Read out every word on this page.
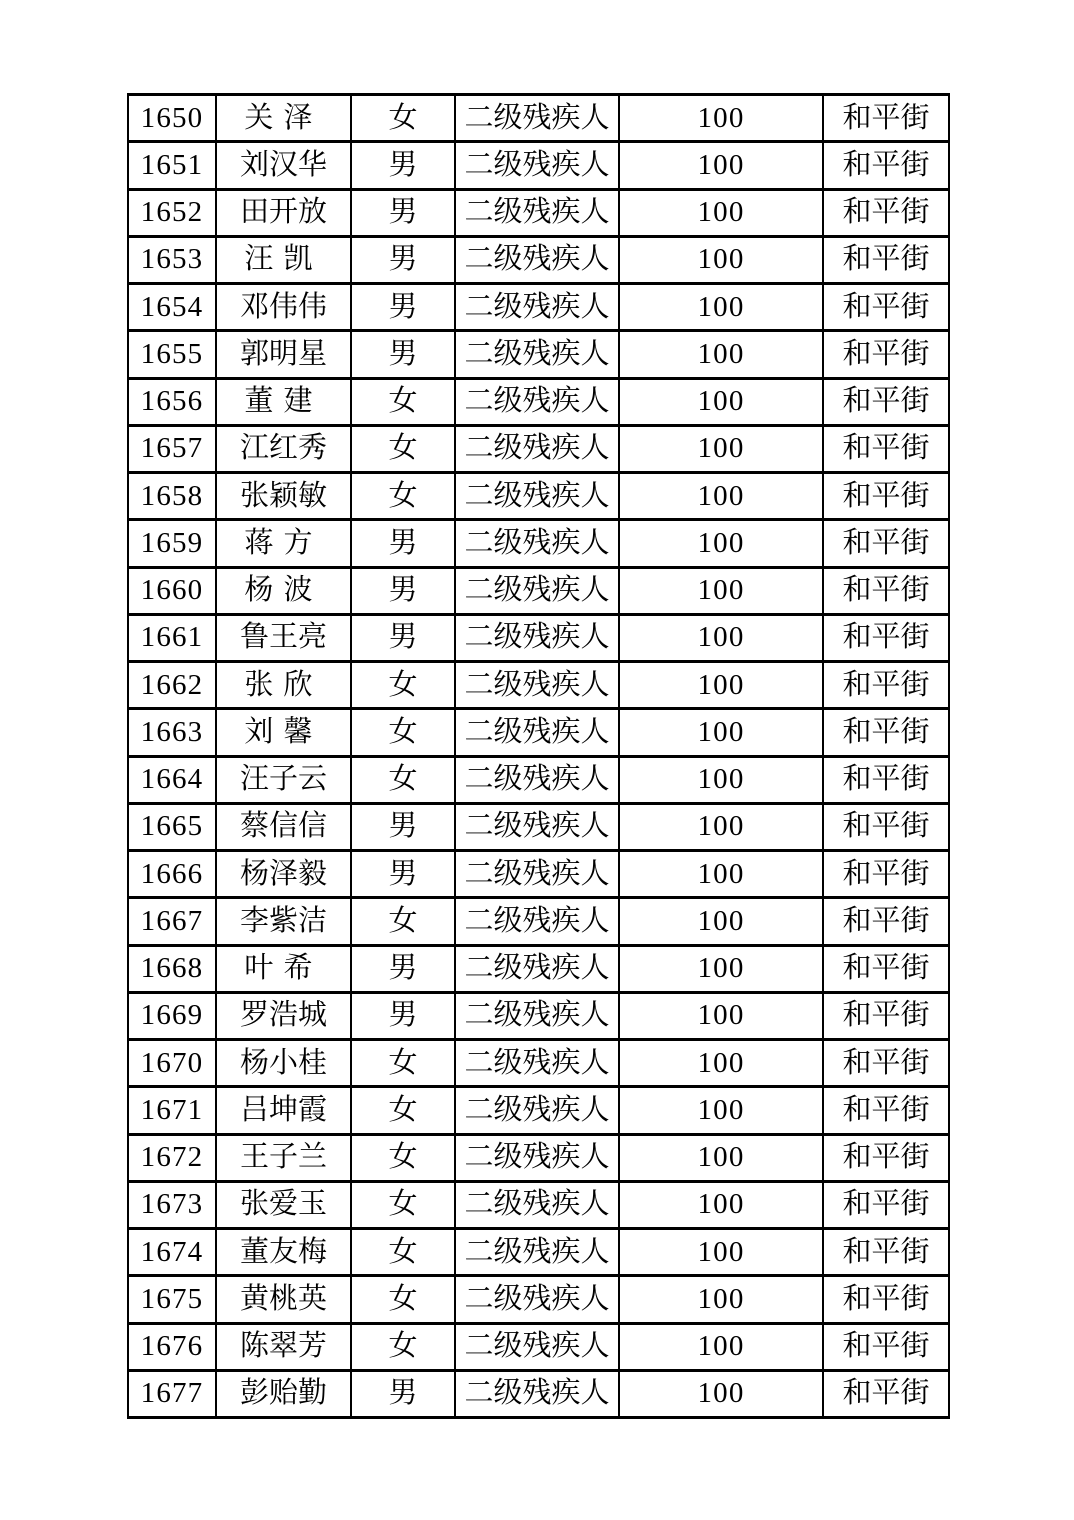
1650	关泽	女	二级残疾人	100	和平街
1651	刘汉华	男	二级残疾人	100	和平街
1652	田开放	男	二级残疾人	100	和平街
1653	汪凯	男	二级残疾人	100	和平街
1654	邓伟伟	男	二级残疾人	100	和平街
1655	郭明星	男	二级残疾人	100	和平街
1656	董建	女	二级残疾人	100	和平街
1657	江红秀	女	二级残疾人	100	和平街
1658	张颖敏	女	二级残疾人	100	和平街
1659	蒋方	男	二级残疾人	100	和平街
1660	杨波	男	二级残疾人	100	和平街
1661	鲁王亮	男	二级残疾人	100	和平街
1662	张欣	女	二级残疾人	100	和平街
1663	刘馨	女	二级残疾人	100	和平街
1664	汪子云	女	二级残疾人	100	和平街
1665	蔡信信	男	二级残疾人	100	和平街
1666	杨泽毅	男	二级残疾人	100	和平街
1667	李紫洁	女	二级残疾人	100	和平街
1668	叶希	男	二级残疾人	100	和平街
1669	罗浩城	男	二级残疾人	100	和平街
1670	杨小桂	女	二级残疾人	100	和平街
1671	吕坤霞	女	二级残疾人	100	和平街
1672	王子兰	女	二级残疾人	100	和平街
1673	张爱玉	女	二级残疾人	100	和平街
1674	董友梅	女	二级残疾人	100	和平街
1675	黄桃英	女	二级残疾人	100	和平街
1676	陈翠芳	女	二级残疾人	100	和平街
1677	彭贻勤	男	二级残疾人	100	和平街
